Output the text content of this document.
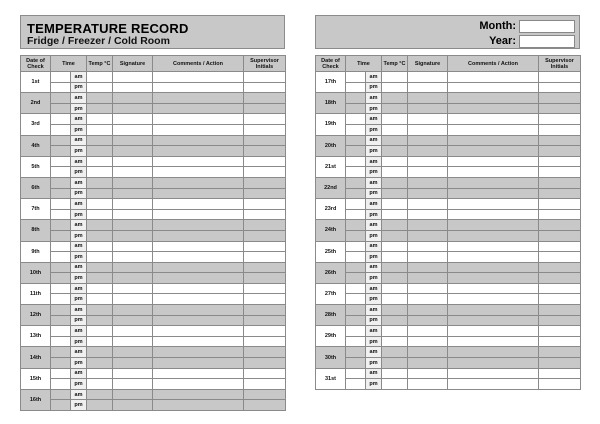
TEMPERATURE RECORD
Fridge / Freezer / Cold Room
Date of Check	Time		Temp °C	Signature	Comments / Action	Supervisor Initials
1st		am				
		pm				
2nd		am				
		pm				
3rd		am				
		pm				
4th		am				
		pm				
5th		am				
		pm				
6th		am				
		pm				
7th		am				
		pm				
8th		am				
		pm				
9th		am				
		pm				
10th		am				
		pm				
11th		am				
		pm				
12th		am				
		pm				
13th		am				
		pm				
14th		am				
		pm				
15th		am				
		pm				
16th		am				
		pm				
Month:
Year:
Date of Check	Time		Temp °C	Signature	Comments / Action	Supervisor Initials
17th		am				
		pm				
18th		am				
		pm				
19th		am				
		pm				
20th		am				
		pm				
21st		am				
		pm				
22nd		am				
		pm				
23rd		am				
		pm				
24th		am				
		pm				
25th		am				
		pm				
26th		am				
		pm				
27th		am				
		pm				
28th		am				
		pm				
29th		am				
		pm				
30th		am				
		pm				
31st		am				
		pm				
